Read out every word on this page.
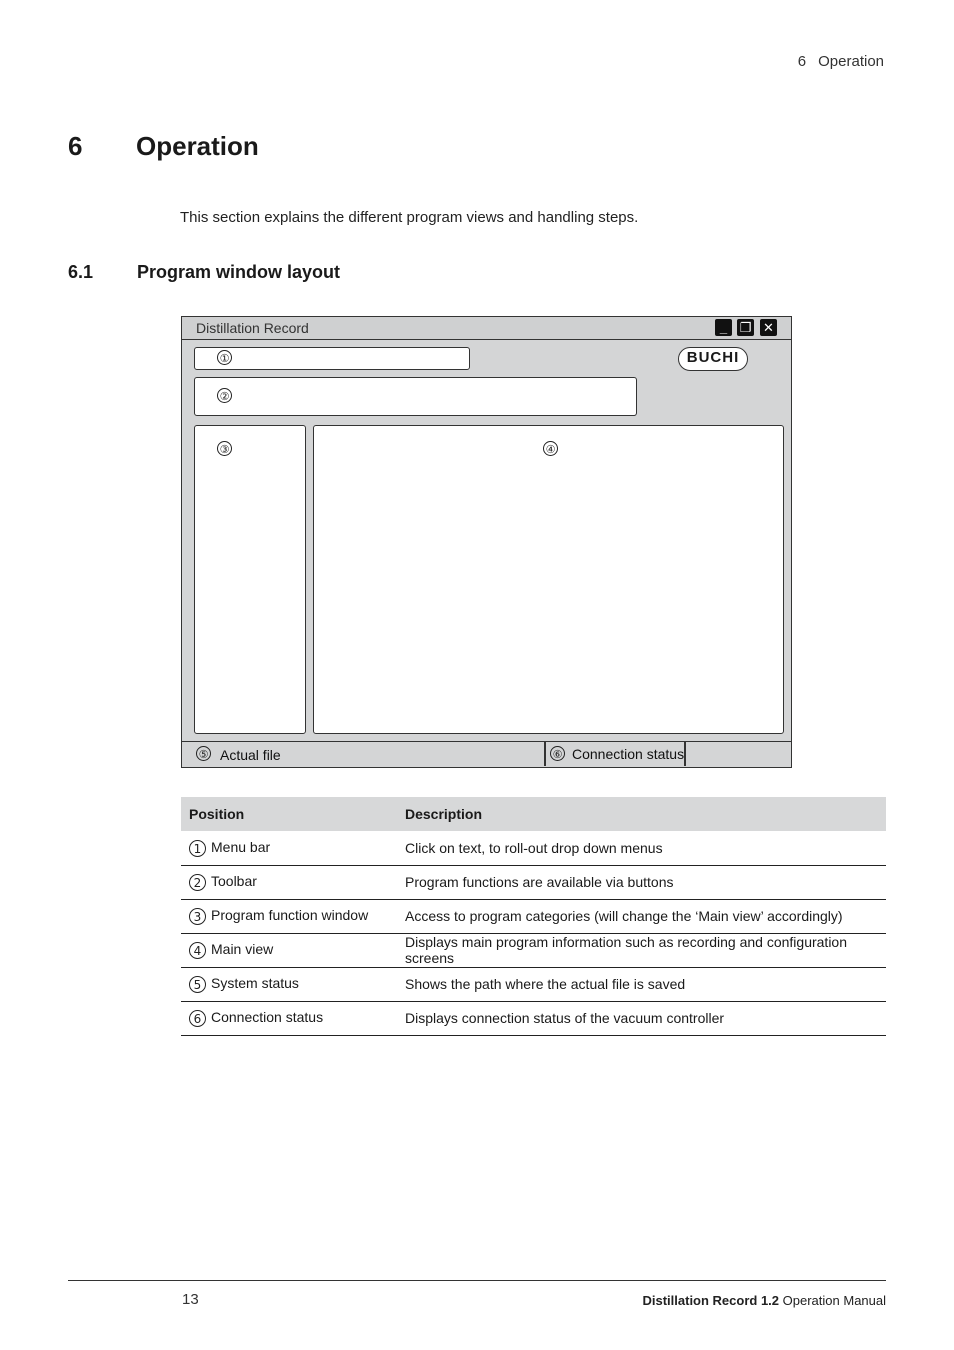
6 Operation
6 Operation
This section explains the different program views and handling steps.
6.1 Program window layout
Distillation Record	_ ❐ ✕
①	BUCHI
②
③	④
⑤ Actual file	⑥ Connection status
Position	Description
1 Menu bar	Click on text, to roll-out drop down menus
2 Toolbar	Program functions are available via buttons
3 Program function window	Access to program categories (will change the ‘Main view’ accordingly)
4 Main view	Displays main program information such as recording and configuration screens
5 System status	Shows the path where the actual file is saved
6 Connection status	Displays connection status of the vacuum controller
13	Distillation Record 1.2 Operation Manual
